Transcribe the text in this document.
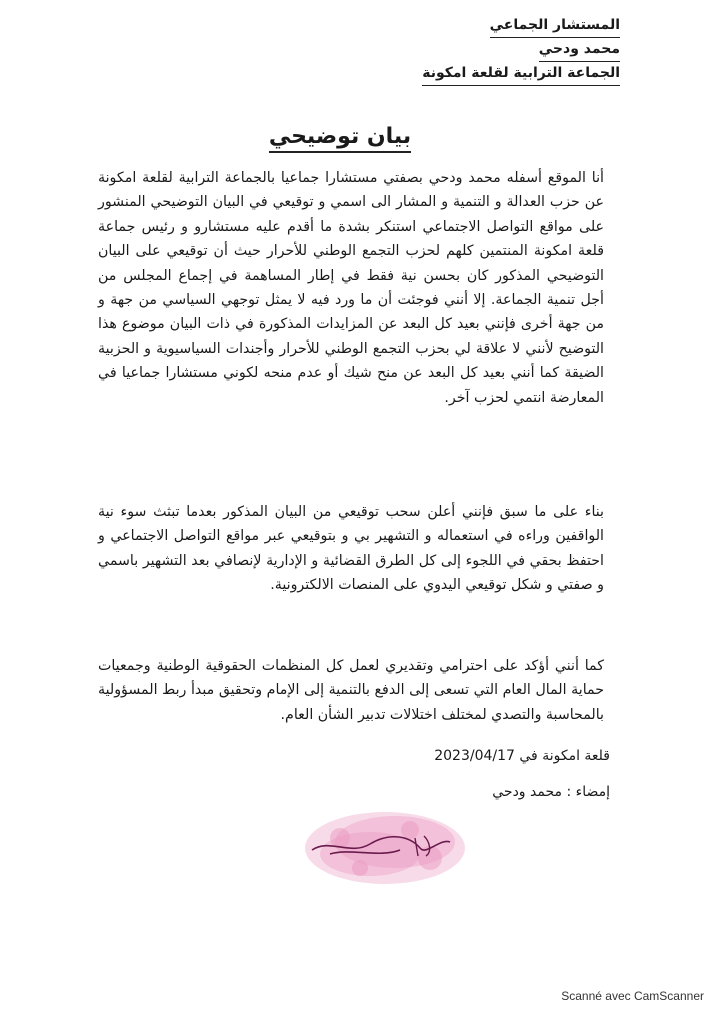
المستشار الجماعي
محمد ودحي
الجماعة الترابية لقلعة امكونة
بيان توضيحي
أنا الموقع أسفله محمد ودحي بصفتي مستشارا جماعيا بالجماعة الترابية لقلعة امكونة عن حزب العدالة و التنمية و المشار الى اسمي و توقيعي في البيان التوضيحي المنشور على مواقع التواصل الاجتماعي استنكر بشدة ما أقدم عليه مستشارو و رئيس جماعة قلعة امكونة المنتمين كلهم لحزب التجمع الوطني للأحرار حيث أن توقيعي على البيان التوضيحي المذكور كان بحسن نية فقط في إطار المساهمة في إجماع المجلس من أجل تنمية الجماعة. إلا أنني فوجئت أن ما ورد فيه لا يمثل توجهي السياسي من جهة و من جهة أخرى فإنني بعيد كل البعد عن المزايدات المذكورة في ذات البيان موضوع هذا التوضيح لأنني لا علاقة لي بحزب التجمع الوطني للأحرار وأجندات السياسيوية و الحزبية الضيقة كما أنني بعيد كل البعد عن منح شيك أو عدم منحه لكوني مستشارا جماعيا في المعارضة انتمي لحزب آخر.
بناء على ما سبق فإنني أعلن سحب توقيعي من البيان المذكور بعدما تبثث سوء نية الواقفين وراءه في استعماله و التشهير بي و بتوقيعي عبر مواقع التواصل الاجتماعي و احتفظ بحقي في اللجوء إلى كل الطرق القضائية و الإدارية لإنصافي بعد التشهير باسمي و صفتي و شكل توقيعي اليدوي على المنصات الالكترونية.
كما أنني أؤكد على احترامي وتقديري لعمل كل المنظمات الحقوقية الوطنية وجمعيات حماية المال العام التي تسعى إلى الدفع بالتنمية إلى الإمام وتحقيق مبدأ ربط المسؤولية بالمحاسبة والتصدي لمختلف اختلالات تدبير الشأن العام.
قلعة امكونة في 2023/04/17
إمضاء : محمد ودحي
Scanné avec CamScanner
